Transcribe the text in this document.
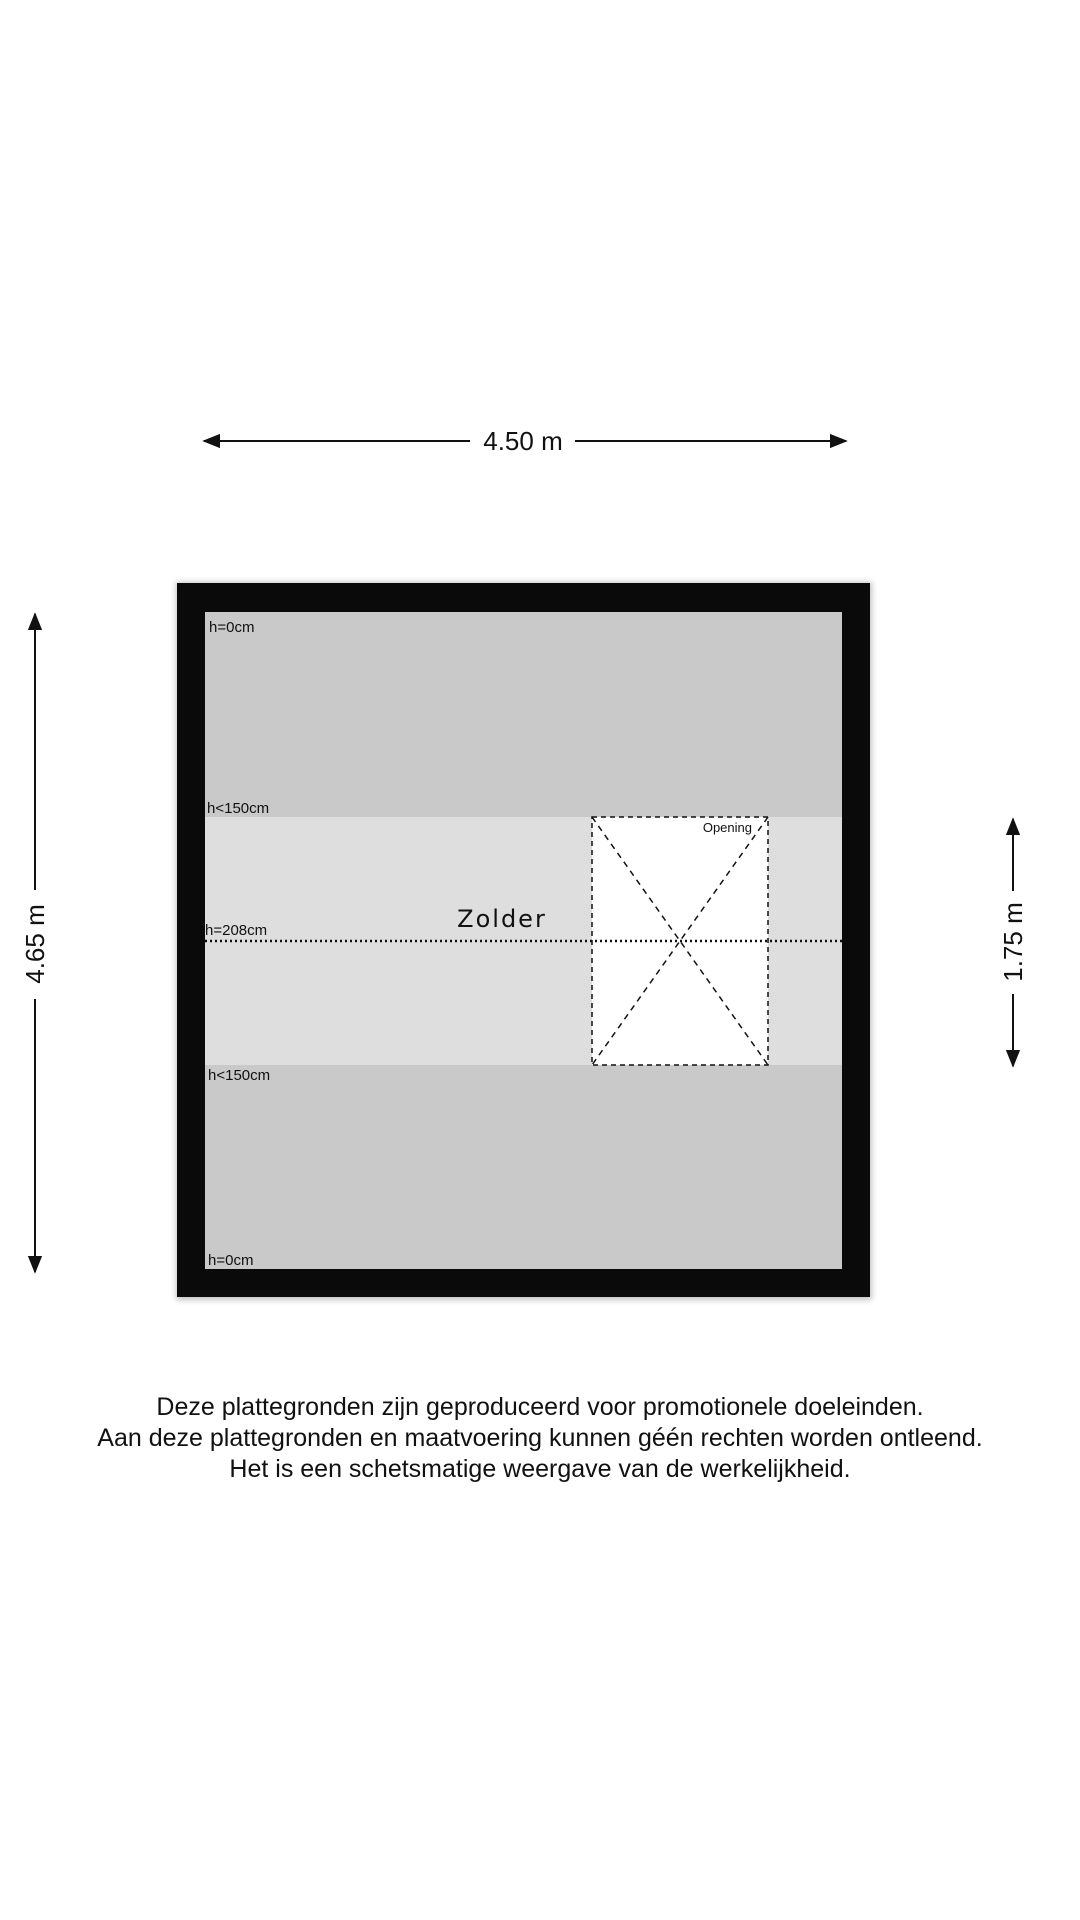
4.50 m
4.65 m	1.75 m
Opening
Zolder
h=0cm
h<150cm
h=208cm
h<150cm
h=0cm
Deze plattegronden zijn geproduceerd voor promotionele doeleinden.
Aan deze plattegronden en maatvoering kunnen géén rechten worden ontleend.
Het is een schetsmatige weergave van de werkelijkheid.
